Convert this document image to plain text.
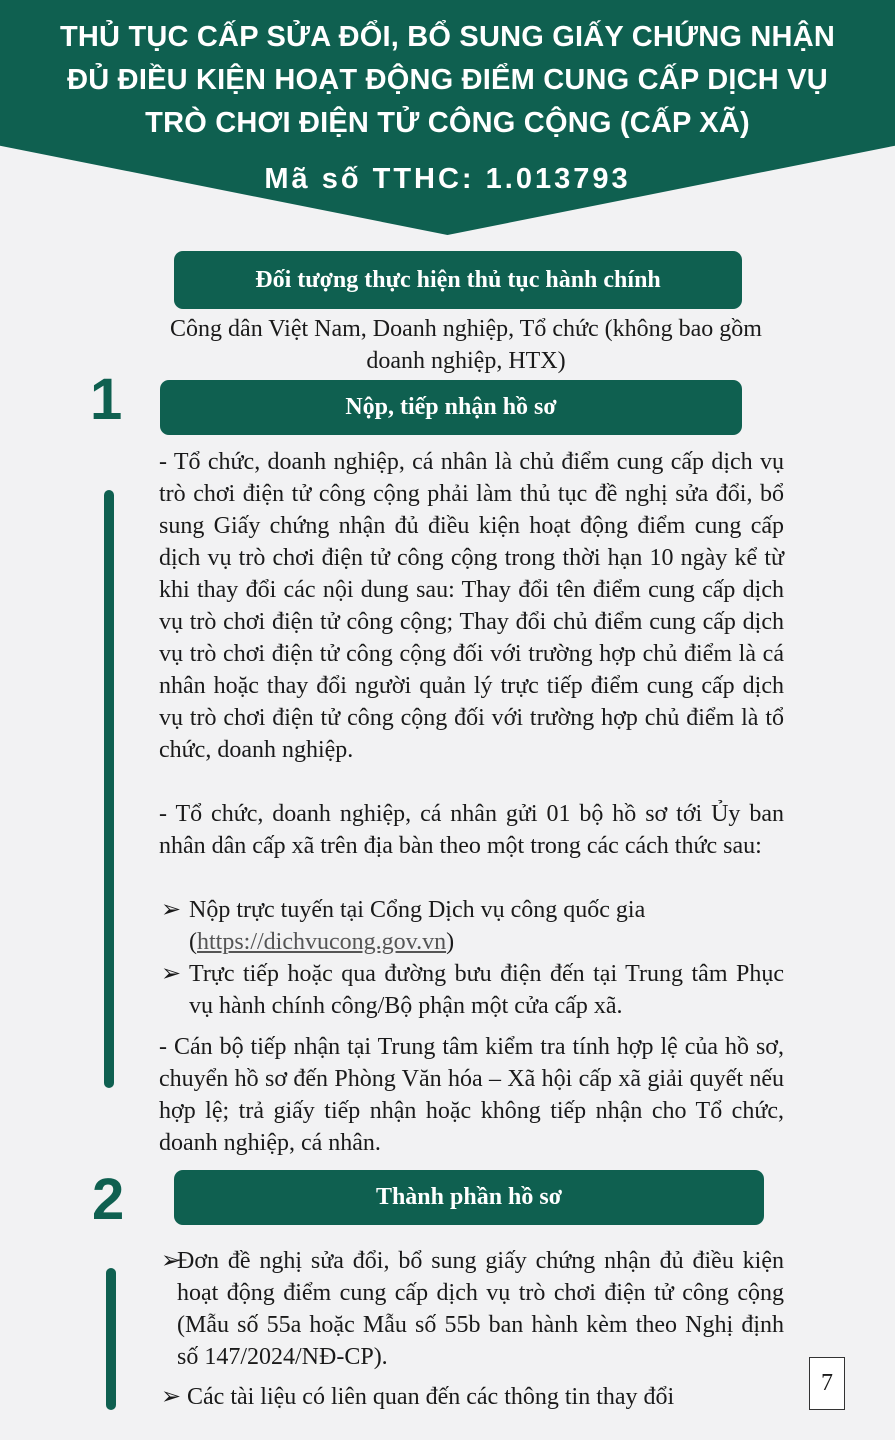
THỦ TỤC CẤP SỬA ĐỔI, BỔ SUNG GIẤY CHỨNG NHẬN
ĐỦ ĐIỀU KIỆN HOẠT ĐỘNG ĐIỂM CUNG CẤP DỊCH VỤ
TRÒ CHƠI ĐIỆN TỬ CÔNG CỘNG (CẤP XÃ)
Mã số TTHC: 1.013793
Đối tượng thực hiện thủ tục hành chính
Công dân Việt Nam, Doanh nghiệp, Tổ chức (không bao gồm doanh nghiệp, HTX)
1	Nộp, tiếp nhận hồ sơ

- Tổ chức, doanh nghiệp, cá nhân là chủ điểm cung cấp dịch vụ trò chơi điện tử công cộng phải làm thủ tục đề nghị sửa đổi, bổ sung Giấy chứng nhận đủ điều kiện hoạt động điểm cung cấp dịch vụ trò chơi điện tử công cộng trong thời hạn 10 ngày kể từ khi thay đổi các nội dung sau: Thay đổi tên điểm cung cấp dịch vụ trò chơi điện tử công cộng; Thay đổi chủ điểm cung cấp dịch vụ trò chơi điện tử công cộng đối với trường hợp chủ điểm là cá nhân hoặc thay đổi người quản lý trực tiếp điểm cung cấp dịch vụ trò chơi điện tử công cộng đối với trường hợp chủ điểm là tổ chức, doanh nghiệp.

- Tổ chức, doanh nghiệp, cá nhân gửi 01 bộ hồ sơ tới Ủy ban nhân dân cấp xã trên địa bàn theo một trong các cách thức sau:

➢ Nộp trực tuyến tại Cổng Dịch vụ công quốc gia
(https://dichvucong.gov.vn)
➢ Trực tiếp hoặc qua đường bưu điện đến tại Trung tâm Phục vụ hành chính công/Bộ phận một cửa cấp xã.

- Cán bộ tiếp nhận tại Trung tâm kiểm tra tính hợp lệ của hồ sơ, chuyển hồ sơ đến Phòng Văn hóa – Xã hội cấp xã giải quyết nếu hợp lệ; trả giấy tiếp nhận hoặc không tiếp nhận cho Tổ chức, doanh nghiệp, cá nhân.

2	Thành phần hồ sơ
➢
Đơn đề nghị sửa đổi, bổ sung giấy chứng nhận đủ điều kiện hoạt động điểm cung cấp dịch vụ trò chơi điện tử công cộng (Mẫu số 55a hoặc Mẫu số 55b ban hành kèm theo Nghị định số 147/2024/NĐ-CP).
➢ Các tài liệu có liên quan đến các thông tin thay đổi
7
